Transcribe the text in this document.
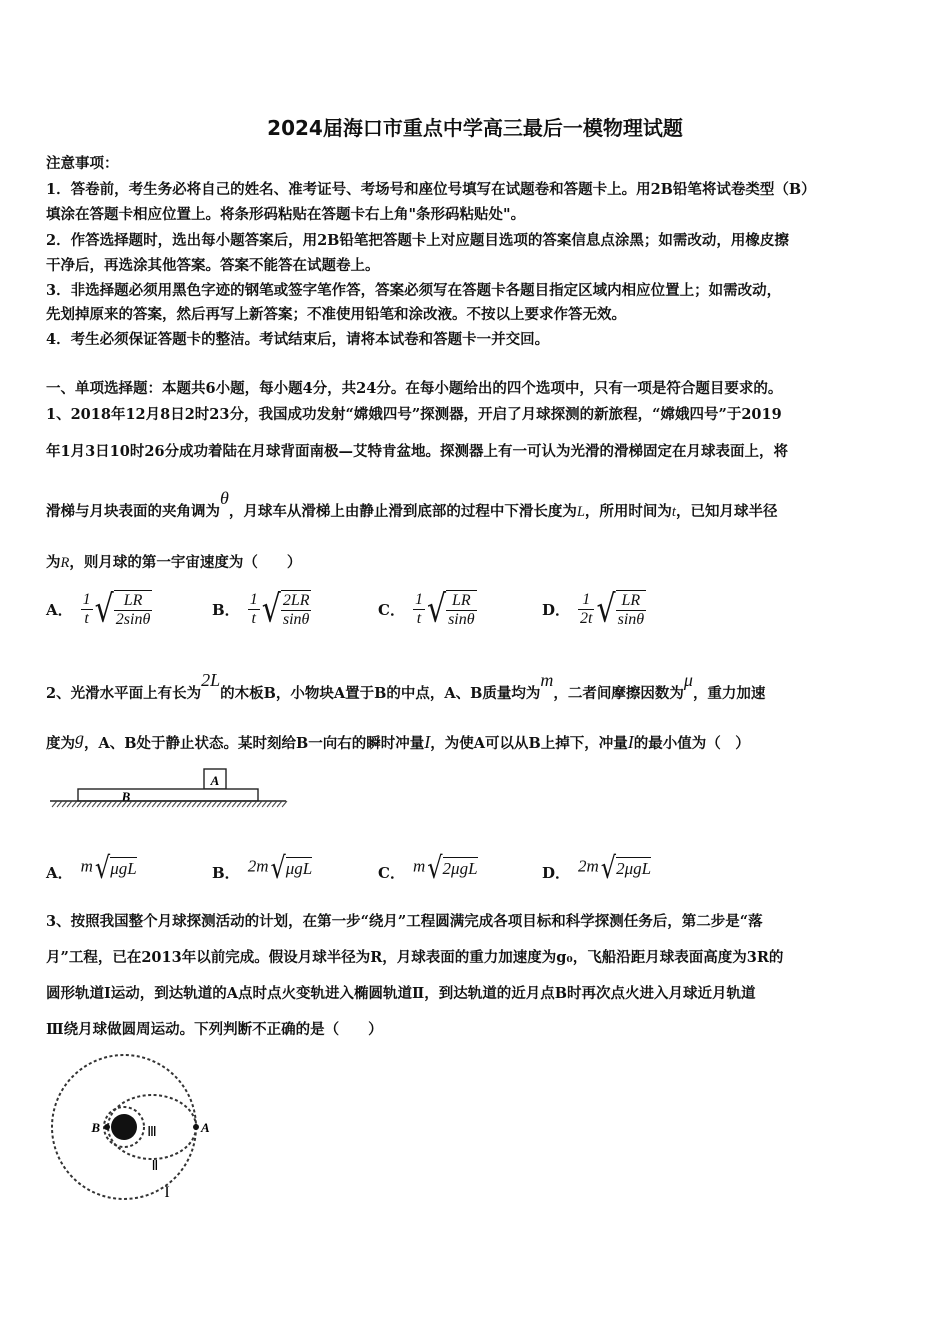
2024届海口市重点中学高三最后一模物理试题
注意事项：
1．答卷前，考生务必将自己的姓名、准考证号、考场号和座位号填写在试题卷和答题卡上。用2B铅笔将试卷类型（B）
填涂在答题卡相应位置上。将条形码粘贴在答题卡右上角"条形码粘贴处"。
2．作答选择题时，选出每小题答案后，用2B铅笔把答题卡上对应题目选项的答案信息点涂黑；如需改动，用橡皮擦
干净后，再选涂其他答案。答案不能答在试题卷上。
3．非选择题必须用黑色字迹的钢笔或签字笔作答，答案必须写在答题卡各题目指定区域内相应位置上；如需改动，
先划掉原来的答案，然后再写上新答案；不准使用铅笔和涂改液。不按以上要求作答无效。
4．考生必须保证答题卡的整洁。考试结束后，请将本试卷和答题卡一并交回。
一、单项选择题：本题共6小题，每小题4分，共24分。在每小题给出的四个选项中，只有一项是符合题目要求的。
1、2018年12月8日2时23分，我国成功发射“嫦娥四号”探测器，开启了月球探测的新旅程，“嫦娥四号”于2019
年1月3日10时26分成功着陆在月球背面南极—艾特肯盆地。探测器上有一可认为光滑的滑梯固定在月球表面上，将
滑梯与月块表面的夹角调为θ，月球车从滑梯上由静止滑到底部的过程中下滑长度为L，所用时间为t，已知月球半径
为R，则月球的第一宇宙速度为（　　）
A． $\frac{1}{t}$ √ $\frac{LR}{2\sin\theta}$	B． $\frac{1}{t}$ √ $\frac{2LR}{\sin\theta}$	C． $\frac{1}{t}$ √ $\frac{LR}{\sin\theta}$	D． $\frac{1}{2t}$ √ $\frac{LR}{\sin\theta}$
2、光滑水平面上有长为2L的木板B，小物块A置于B的中点，A、B质量均为m，二者间摩擦因数为μ，重力加速
度为g，A、B处于静止状态。某时刻给B一向右的瞬时冲量I，为使A可以从B上掉下，冲量I的最小值为（　）
A
B
A． m√μgL	B． 2m√μgL	C． m√2μgL	D． 2m√2μgL
3、按照我国整个月球探测活动的计划，在第一步“绕月”工程圆满完成各项目标和科学探测任务后，第二步是“落
月”工程，已在2013年以前完成。假设月球半径为R，月球表面的重力加速度为g₀，飞船沿距月球表面高度为3R的
圆形轨道Ⅰ运动，到达轨道的A点时点火变轨进入椭圆轨道Ⅱ，到达轨道的近月点B时再次点火进入月球近月轨道
Ⅲ绕月球做圆周运动。下列判断不正确的是（　　）
B	A
Ⅲ
Ⅱ
I
